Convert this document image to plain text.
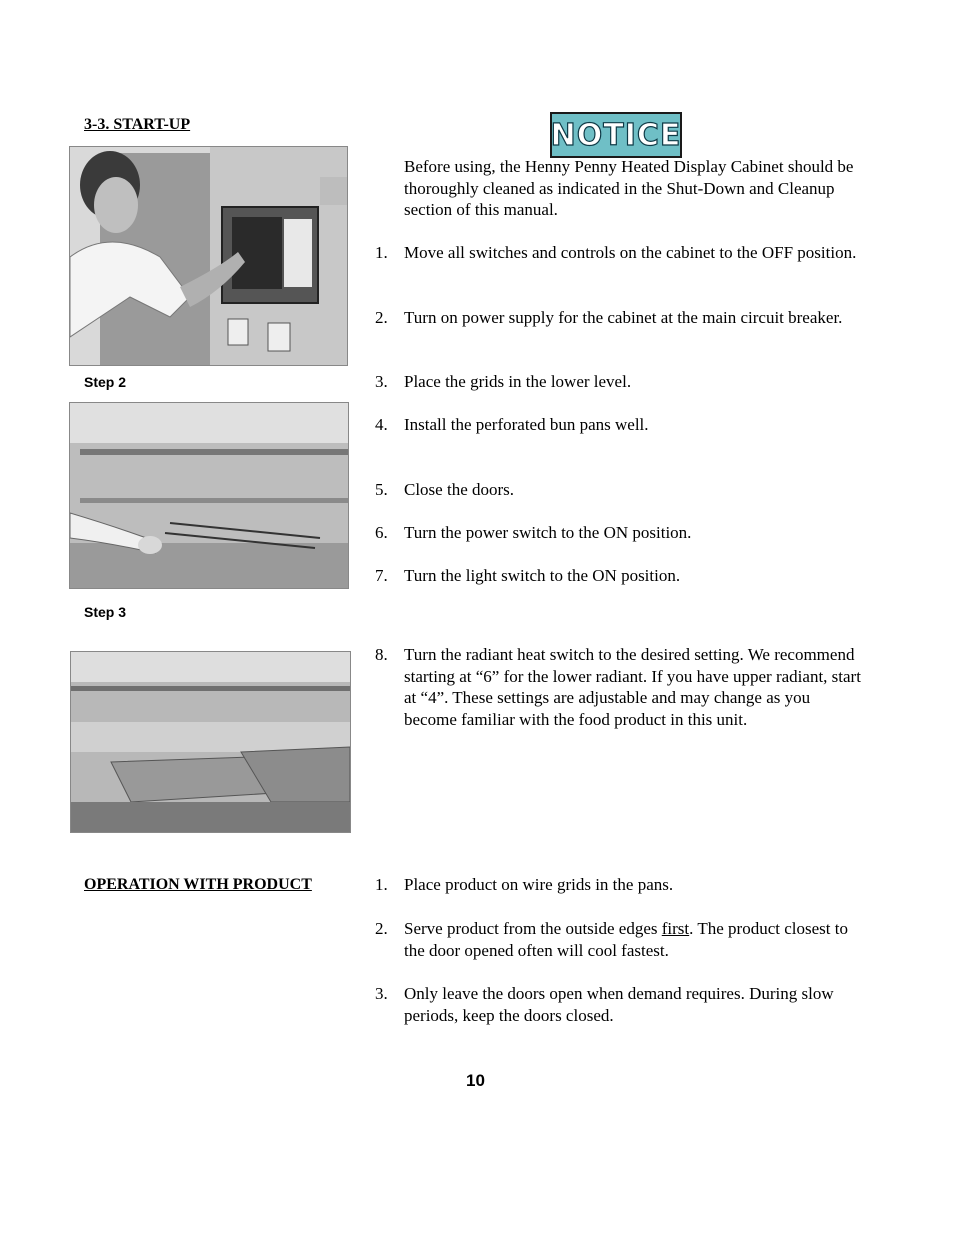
3-3. START-UP	NOTICE
Step 2
Step 3
Before using, the Henny Penny Heated Display Cabinet should be thoroughly cleaned as indicated in the Shut-Down and Cleanup section of this manual.
1. Move all switches and controls on the cabinet to the OFF position.
2. Turn on power supply for the cabinet at the main circuit breaker.
3. Place the grids in the lower level.
4. Install the perforated bun pans well.
5. Close the doors.
6. Turn the power switch to the ON position.
7. Turn the light switch to the ON position.
8. Turn the radiant heat switch to the desired setting. We recommend starting at “6” for the lower radiant. If you have upper radiant, start at “4”. These settings are adjustable and may change as you become familiar with the food product in this unit.
OPERATION WITH PRODUCT	1. Place product on wire grids in the pans.
2. Serve product from the outside edges first. The product closest to the door opened often will cool fastest.
3. Only leave the doors open when demand requires. During slow periods, keep the doors closed.
10
